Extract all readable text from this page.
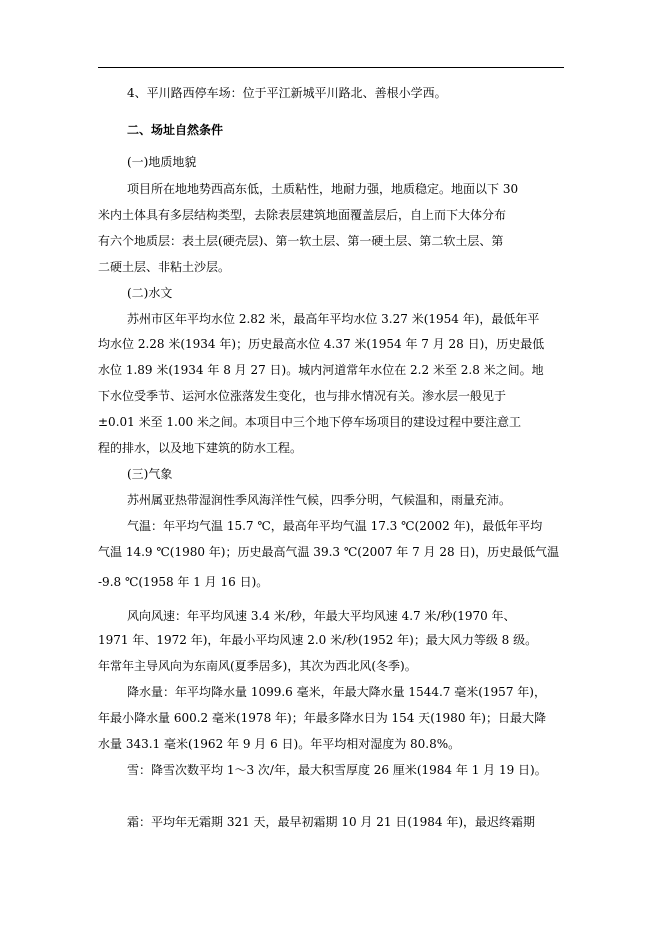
4、平川路西停车场：位于平江新城平川路北、善根小学西。
二、场址自然条件
(一)地质地貌
项目所在地地势西高东低，土质粘性，地耐力强，地质稳定。地面以下 30
米内土体具有多层结构类型，去除表层建筑地面覆盖层后，自上而下大体分布
有六个地质层：表土层(硬壳层)、第一软土层、第一硬土层、第二软土层、第
二硬土层、非粘土沙层。
(二)水文
苏州市区年平均水位 2.82 米，最高年平均水位 3.27 米(1954 年)，最低年平
均水位 2.28 米(1934 年)；历史最高水位 4.37 米(1954 年 7 月 28 日)，历史最低
水位 1.89 米(1934 年 8 月 27 日)。城内河道常年水位在 2.2 米至 2.8 米之间。地
下水位受季节、运河水位涨落发生变化，也与排水情况有关。渗水层一般见于
±0.01 米至 1.00 米之间。本项目中三个地下停车场项目的建设过程中要注意工
程的排水，以及地下建筑的防水工程。
(三)气象
苏州属亚热带湿润性季风海洋性气候，四季分明，气候温和，雨量充沛。
气温：年平均气温 15.7 ℃，最高年平均气温 17.3 ℃(2002 年)，最低年平均
气温 14.9 ℃(1980 年)；历史最高气温 39.3 ℃(2007 年 7 月 28 日)，历史最低气温
-9.8 ℃(1958 年 1 月 16 日)。
风向风速：年平均风速 3.4 米/秒，年最大平均风速 4.7 米/秒(1970 年、
1971 年、1972 年)，年最小平均风速 2.0 米/秒(1952 年)；最大风力等级 8 级。
年常年主导风向为东南风(夏季居多)，其次为西北风(冬季)。
降水量：年平均降水量 1099.6 毫米，年最大降水量 1544.7 毫米(1957 年)，
年最小降水量 600.2 毫米(1978 年)；年最多降水日为 154 天(1980 年)；日最大降
水量 343.1 毫米(1962 年 9 月 6 日)。年平均相对湿度为 80.8%。
雪：降雪次数平均 1～3 次/年，最大积雪厚度 26 厘米(1984 年 1 月 19 日)。
霜：平均年无霜期 321 天，最早初霜期 10 月 21 日(1984 年)，最迟终霜期
